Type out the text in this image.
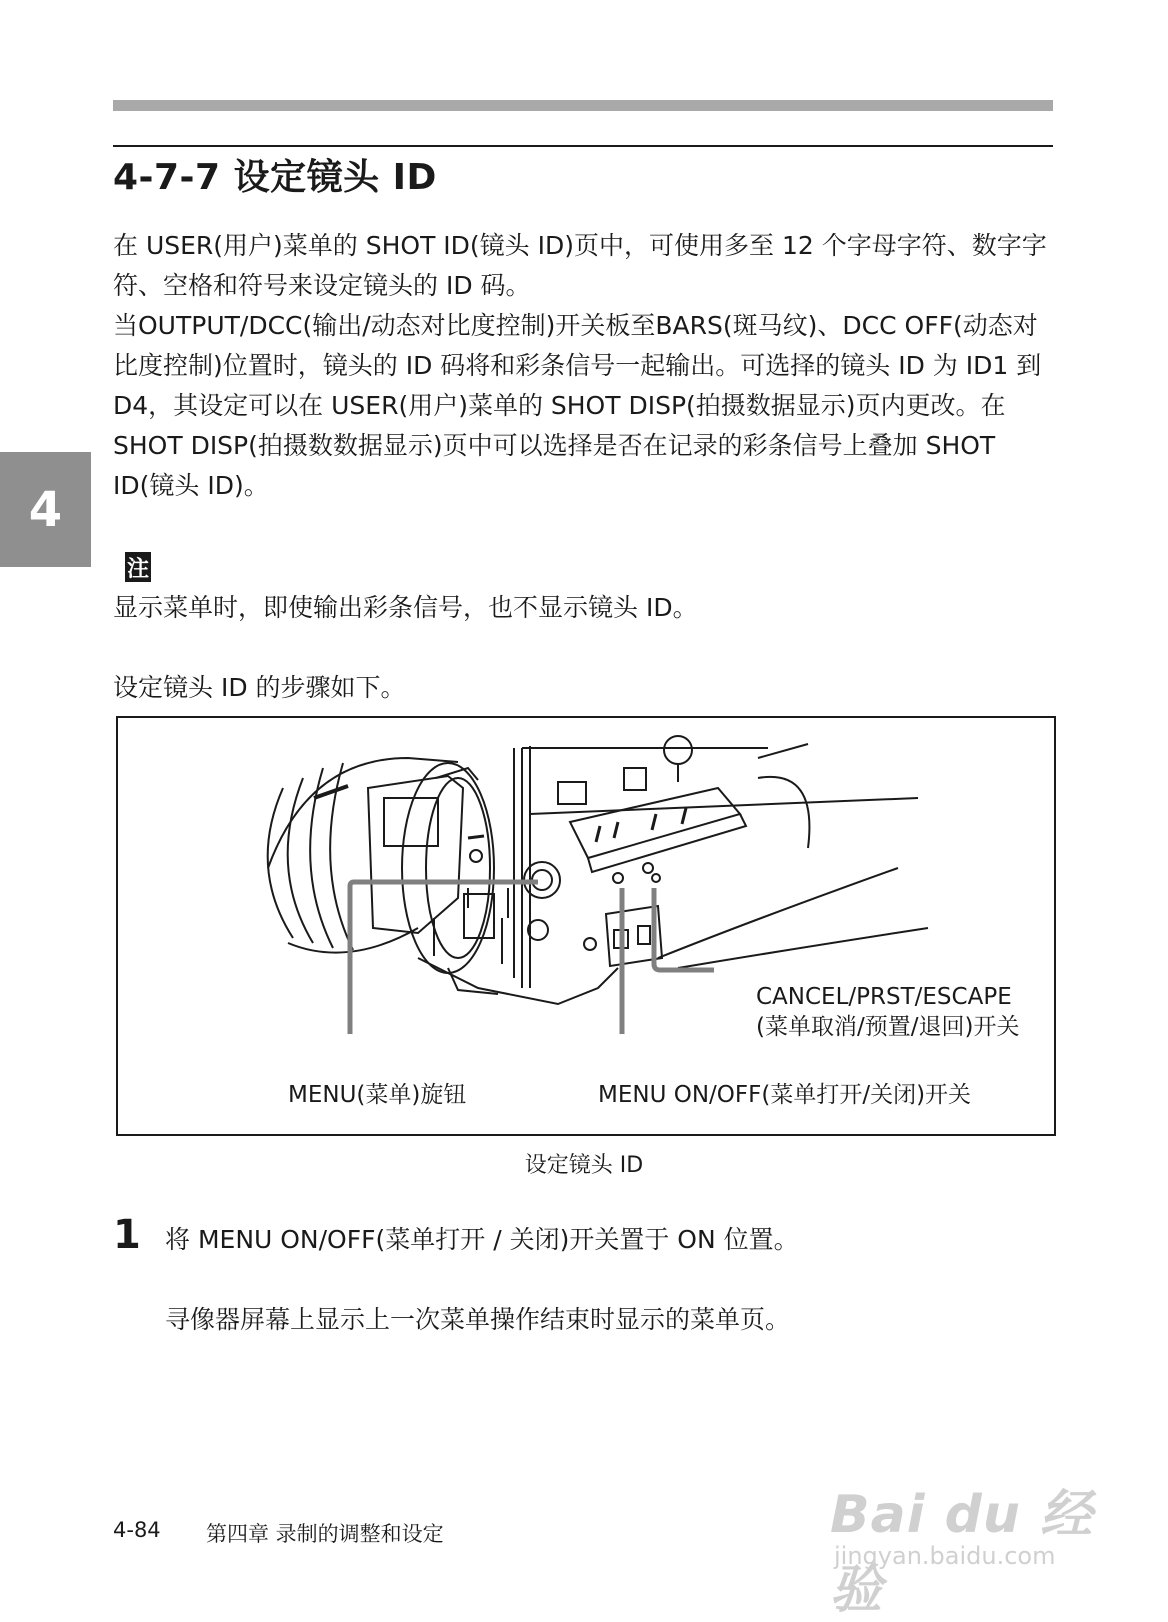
4-7-7 设定镜头 ID

在 USER(用户)菜单的 SHOT ID(镜头 ID)页中，可使用多至 12 个字母字符、数字字符、空格和符号来设定镜头的 ID 码。

当OUTPUT/DCC(输出/动态对比度控制)开关板至BARS(斑马纹)、DCC OFF(动态对比度控制)位置时，镜头的 ID 码将和彩条信号一起输出。可选择的镜头 ID 为 ID1 到 D4，其设定可以在 USER(用户)菜单的 SHOT DISP(拍摄数据显示)页内更改。在SHOT DISP(拍摄数数据显示)页中可以选择是否在记录的彩条信号上叠加 SHOT ID(镜头 ID)。

4
注

显示菜单时，即使输出彩条信号，也不显示镜头 ID。

设定镜头 ID 的步骤如下。

CANCEL/PRST/ESCAPE
(菜单取消/预置/退回)开关
MENU(菜单)旋钮	MENU ON/OFF(菜单打开/关闭)开关
设定镜头 ID
1 将 MENU ON/OFF(菜单打开 / 关闭)开关置于 ON 位置。
寻像器屏幕上显示上一次菜单操作结束时显示的菜单页。
4-84 第四章 录制的调整和设定	Bai du 经验
jingyan.baidu.com
